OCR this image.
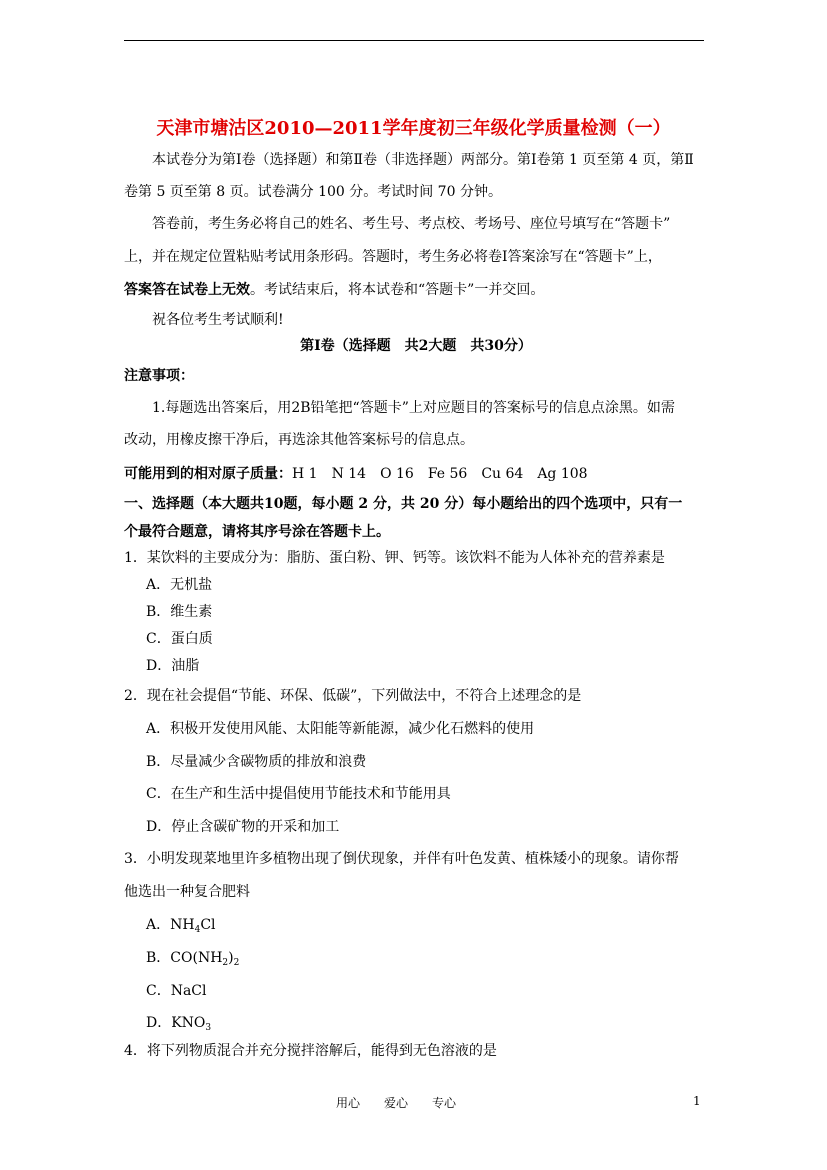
天津市塘沽区2010—2011学年度初三年级化学质量检测（一）
本试卷分为第Ⅰ卷（选择题）和第Ⅱ卷（非选择题）两部分。第Ⅰ卷第 1 页至第 4 页，第Ⅱ
卷第 5 页至第 8 页。试卷满分 100 分。考试时间 70 分钟。
答卷前，考生务必将自己的姓名、考生号、考点校、考场号、座位号填写在“答题卡”
上，并在规定位置粘贴考试用条形码。答题时，考生务必将卷Ⅰ答案涂写在“答题卡”上，
答案答在试卷上无效。考试结束后，将本试卷和“答题卡”一并交回。
祝各位考生考试顺利!
第Ⅰ卷（选择题　共2大题　共30分）
注意事项：
1.每题选出答案后，用2B铅笔把“答题卡”上对应题目的答案标号的信息点涂黑。如需
改动，用橡皮擦干净后，再选涂其他答案标号的信息点。
可能用到的相对原子质量：H 1　N 14　O 16　Fe 56　Cu 64　Ag 108
一、选择题（本大题共10题，每小题 2 分，共 20 分）每小题给出的四个选项中，只有一
个最符合题意，请将其序号涂在答题卡上。
1．某饮料的主要成分为：脂肪、蛋白粉、钾、钙等。该饮料不能为人体补充的营养素是
A．无机盐
B．维生素
C．蛋白质
D．油脂
2．现在社会提倡“节能、环保、低碳”，下列做法中，不符合上述理念的是
A．积极开发使用风能、太阳能等新能源，减少化石燃料的使用
B．尽量减少含碳物质的排放和浪费
C．在生产和生活中提倡使用节能技术和节能用具
D．停止含碳矿物的开采和加工
3．小明发现菜地里许多植物出现了倒伏现象，并伴有叶色发黄、植株矮小的现象。请你帮
他选出一种复合肥料
A．$NH_4Cl$
B．$CO(NH_2)_2$
C．NaCl
D．$KNO_3$
4．将下列物质混合并充分搅拌溶解后，能得到无色溶液的是
用心　　爱心　　专心	1
